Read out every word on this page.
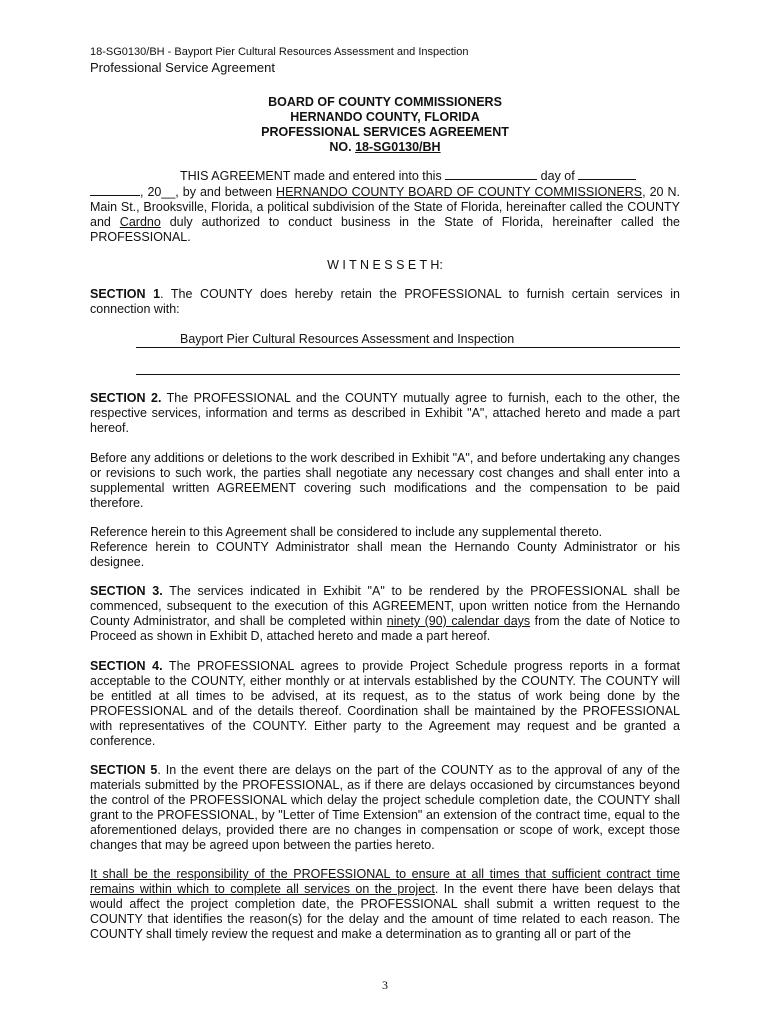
18-SG0130/BH - Bayport Pier Cultural Resources Assessment and Inspection
Professional Service Agreement
BOARD OF COUNTY COMMISSIONERS
HERNANDO COUNTY, FLORIDA
PROFESSIONAL SERVICES AGREEMENT
NO. 18-SG0130/BH

THIS AGREEMENT made and entered into this	day of
, 20__, by and between HERNANDO COUNTY BOARD OF COUNTY COMMISSIONERS, 20 N. Main St., Brooksville, Florida, a political subdivision of the State of Florida, hereinafter called the COUNTY and Cardno duly authorized to conduct business in the State of Florida, hereinafter called the PROFESSIONAL.

W I T N E S S E T H:

SECTION 1. The COUNTY does hereby retain the PROFESSIONAL to furnish certain services in connection with:

Bayport Pier Cultural Resources Assessment and Inspection

SECTION 2. The PROFESSIONAL and the COUNTY mutually agree to furnish, each to the other, the respective services, information and terms as described in Exhibit "A", attached hereto and made a part hereof.

Before any additions or deletions to the work described in Exhibit "A", and before undertaking any changes or revisions to such work, the parties shall negotiate any necessary cost changes and shall enter into a supplemental written AGREEMENT covering such modifications and the compensation to be paid therefore.

Reference herein to this Agreement shall be considered to include any supplemental thereto.

Reference herein to COUNTY Administrator shall mean the Hernando County Administrator or his designee.

SECTION 3. The services indicated in Exhibit "A" to be rendered by the PROFESSIONAL shall be commenced, subsequent to the execution of this AGREEMENT, upon written notice from the Hernando County Administrator, and shall be completed within ninety (90) calendar days from the date of Notice to Proceed as shown in Exhibit D, attached hereto and made a part hereof.

SECTION 4. The PROFESSIONAL agrees to provide Project Schedule progress reports in a format acceptable to the COUNTY, either monthly or at intervals established by the COUNTY. The COUNTY will be entitled at all times to be advised, at its request, as to the status of work being done by the PROFESSIONAL and of the details thereof. Coordination shall be maintained by the PROFESSIONAL with representatives of the COUNTY. Either party to the Agreement may request and be granted a conference.

SECTION 5. In the event there are delays on the part of the COUNTY as to the approval of any of the materials submitted by the PROFESSIONAL, as if there are delays occasioned by circumstances beyond the control of the PROFESSIONAL which delay the project schedule completion date, the COUNTY shall grant to the PROFESSIONAL, by "Letter of Time Extension" an extension of the contract time, equal to the aforementioned delays, provided there are no changes in compensation or scope of work, except those changes that may be agreed upon between the parties hereto.

It shall be the responsibility of the PROFESSIONAL to ensure at all times that sufficient contract time remains within which to complete all services on the project. In the event there have been delays that would affect the project completion date, the PROFESSIONAL shall submit a written request to the COUNTY that identifies the reason(s) for the delay and the amount of time related to each reason. The COUNTY shall timely review the request and make a determination as to granting all or part of the

3
